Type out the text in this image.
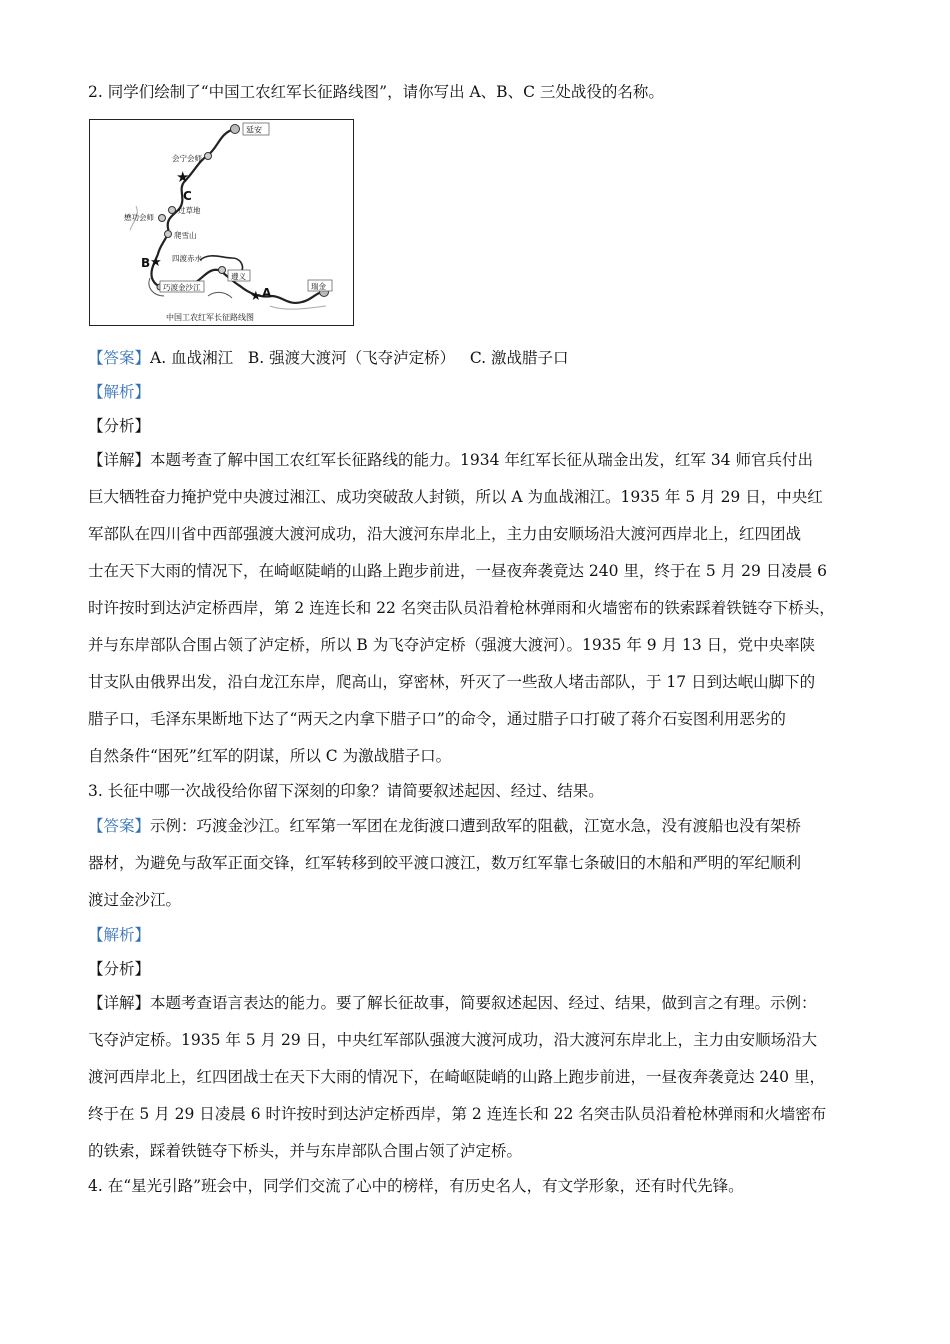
2. 同学们绘制了“中国工农红军长征路线图”，请你写出 A、B、C 三处战役的名称。
延安
会宁会师
★
C
过草地
懋功会师
爬雪山
B ★ 四渡赤水
遵义
巧渡金沙江
★ A	瑞金
中国工农红军长征路线图
【答案】A. 血战湘江   B. 强渡大渡河（飞夺泸定桥）   C. 激战腊子口
【解析】
【分析】
【详解】本题考查了解中国工农红军长征路线的能力。1934 年红军长征从瑞金出发，红军 34 师官兵付出
巨大牺牲奋力掩护党中央渡过湘江、成功突破敌人封锁，所以 A 为血战湘江。1935 年 5 月 29 日，中央红
军部队在四川省中西部强渡大渡河成功，沿大渡河东岸北上，主力由安顺场沿大渡河西岸北上，红四团战
士在天下大雨的情况下，在崎岖陡峭的山路上跑步前进，一昼夜奔袭竟达 240 里，终于在 5 月 29 日凌晨 6
时许按时到达泸定桥西岸，第 2 连连长和 22 名突击队员沿着枪林弹雨和火墙密布的铁索踩着铁链夺下桥头，
并与东岸部队合围占领了泸定桥，所以 B 为飞夺泸定桥（强渡大渡河）。1935 年 9 月 13 日，党中央率陕
甘支队由俄界出发，沿白龙江东岸，爬高山，穿密林，歼灭了一些敌人堵击部队，于 17 日到达岷山脚下的
腊子口，毛泽东果断地下达了“两天之内拿下腊子口”的命令，通过腊子口打破了蒋介石妄图利用恶劣的
自然条件“困死”红军的阴谋，所以 C 为激战腊子口。
3. 长征中哪一次战役给你留下深刻的印象？请简要叙述起因、经过、结果。
【答案】示例：巧渡金沙江。红军第一军团在龙街渡口遭到敌军的阻截，江宽水急，没有渡船也没有架桥
器材，为避免与敌军正面交锋，红军转移到皎平渡口渡江，数万红军靠七条破旧的木船和严明的军纪顺利
渡过金沙江。
【解析】
【分析】
【详解】本题考查语言表达的能力。要了解长征故事，简要叙述起因、经过、结果，做到言之有理。示例：
飞夺泸定桥。1935 年 5 月 29 日，中央红军部队强渡大渡河成功，沿大渡河东岸北上，主力由安顺场沿大
渡河西岸北上，红四团战士在天下大雨的情况下，在崎岖陡峭的山路上跑步前进，一昼夜奔袭竟达 240 里，
终于在 5 月 29 日凌晨 6 时许按时到达泸定桥西岸，第 2 连连长和 22 名突击队员沿着枪林弹雨和火墙密布
的铁索，踩着铁链夺下桥头，并与东岸部队合围占领了泸定桥。
4. 在“星光引路”班会中，同学们交流了心中的榜样，有历史名人，有文学形象，还有时代先锋。
